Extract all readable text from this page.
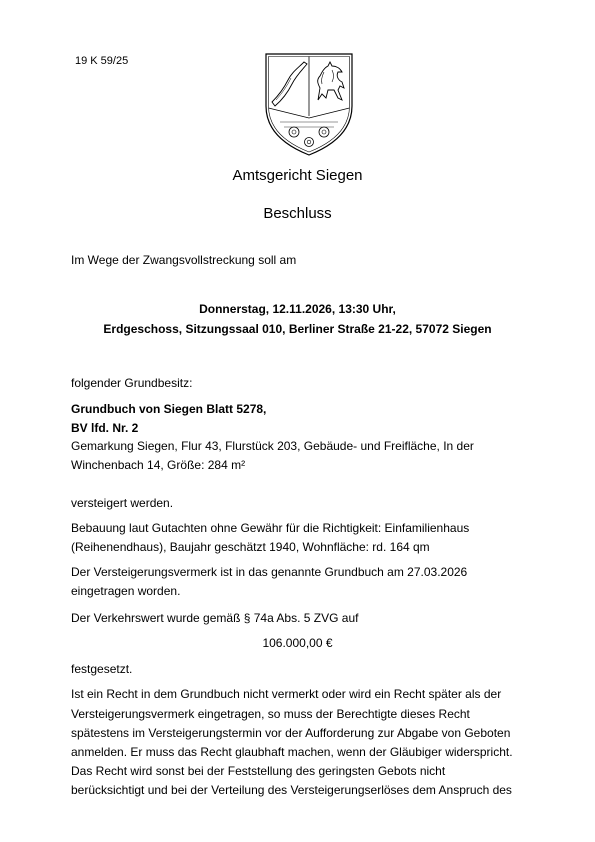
19 K 59/25
Amtsgericht Siegen
Beschluss
Im Wege der Zwangsvollstreckung soll am
Donnerstag, 12.11.2026, 13:30 Uhr,
Erdgeschoss, Sitzungssaal 010, Berliner Straße 21-22, 57072 Siegen
folgender Grundbesitz:
Grundbuch von Siegen Blatt 5278,
BV lfd. Nr. 2
Gemarkung Siegen, Flur 43, Flurstück 203, Gebäude- und Freifläche, In der
Winchenbach 14, Größe: 284 m²
versteigert werden.
Bebauung laut Gutachten ohne Gewähr für die Richtigkeit: Einfamilienhaus
(Reihenendhaus), Baujahr geschätzt 1940, Wohnfläche: rd. 164 qm
Der Versteigerungsvermerk ist in das genannte Grundbuch am 27.03.2026
eingetragen worden.
Der Verkehrswert wurde gemäß § 74a Abs. 5 ZVG auf
106.000,00 €
festgesetzt.
Ist ein Recht in dem Grundbuch nicht vermerkt oder wird ein Recht später als der
Versteigerungsvermerk eingetragen, so muss der Berechtigte dieses Recht
spätestens im Versteigerungstermin vor der Aufforderung zur Abgabe von Geboten
anmelden. Er muss das Recht glaubhaft machen, wenn der Gläubiger widerspricht.
Das Recht wird sonst bei der Feststellung des geringsten Gebots nicht
berücksichtigt und bei der Verteilung des Versteigerungserlöses dem Anspruch des
